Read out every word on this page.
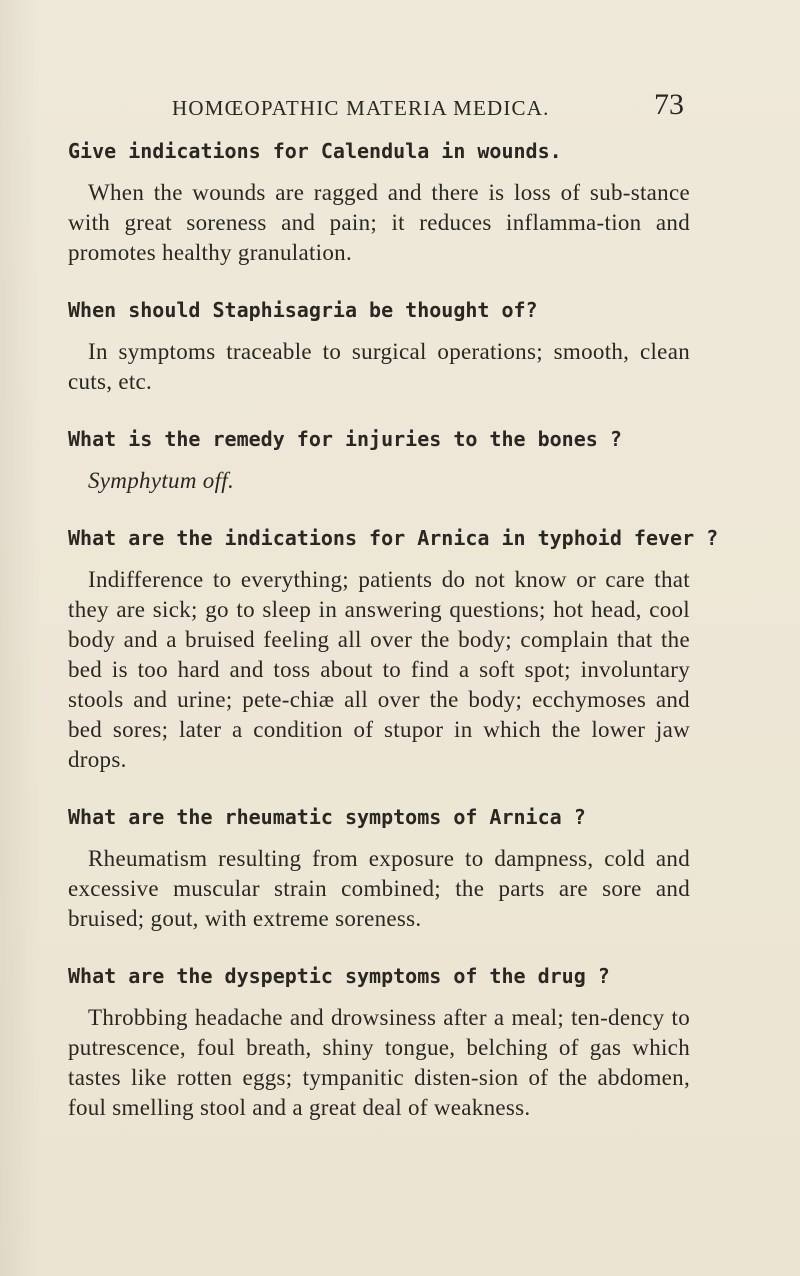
HOMŒOPATHIC MATERIA MEDICA.	73

Give indications for Calendula in wounds.

When the wounds are ragged and there is loss of sub-stance with great soreness and pain; it reduces inflamma-tion and promotes healthy granulation.

When should Staphisagria be thought of?

In symptoms traceable to surgical operations; smooth, clean cuts, etc.

What is the remedy for injuries to the bones ?

Symphytum off.

What are the indications for Arnica in typhoid fever ?

Indifference to everything; patients do not know or care that they are sick; go to sleep in answering questions; hot head, cool body and a bruised feeling all over the body; complain that the bed is too hard and toss about to find a soft spot; involuntary stools and urine; pete-chiæ all over the body; ecchymoses and bed sores; later a condition of stupor in which the lower jaw drops.

What are the rheumatic symptoms of Arnica ?

Rheumatism resulting from exposure to dampness, cold and excessive muscular strain combined; the parts are sore and bruised; gout, with extreme soreness.

What are the dyspeptic symptoms of the drug ?

Throbbing headache and drowsiness after a meal; ten-dency to putrescence, foul breath, shiny tongue, belching of gas which tastes like rotten eggs; tympanitic disten-sion of the abdomen, foul smelling stool and a great deal of weakness.
